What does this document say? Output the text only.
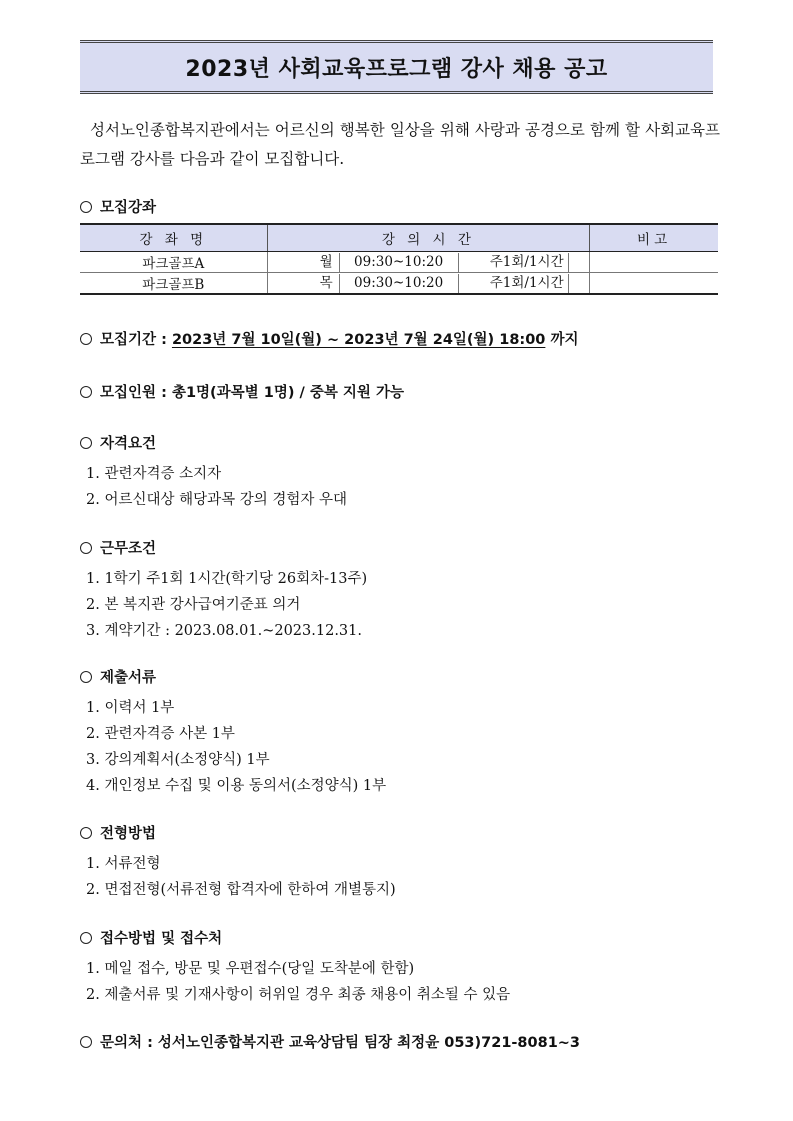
2023년 사회교육프로그램 강사 채용 공고
성서노인종합복지관에서는 어르신의 행복한 일상을 위해 사랑과 공경으로 함께 할 사회교육프로그램 강사를 다음과 같이 모집합니다.
모집강좌
강 좌 명	강 의 시 간	비고
파크골프A	월 09:30~10:20 주1회/1시간	

파크골프B	목 09:30~10:20 주1회/1시간	

모집기간 : 2023년 7월 10일(월) ~ 2023년 7월 24일(월) 18:00 까지
모집인원 : 총1명(과목별 1명) / 중복 지원 가능
자격요건
1. 관련자격증 소지자
2. 어르신대상 해당과목 강의 경험자 우대
근무조건
1. 1학기 주1회 1시간(학기당 26회차-13주)
2. 본 복지관 강사급여기준표 의거
3. 계약기간 : 2023.08.01.~2023.12.31.
제출서류
1. 이력서 1부
2. 관련자격증 사본 1부
3. 강의계획서(소정양식) 1부
4. 개인정보 수집 및 이용 동의서(소정양식) 1부
전형방법
1. 서류전형
2. 면접전형(서류전형 합격자에 한하여 개별통지)
접수방법 및 접수처
1. 메일 접수, 방문 및 우편접수(당일 도착분에 한함)
2. 제출서류 및 기재사항이 허위일 경우 최종 채용이 취소될 수 있음
문의처 : 성서노인종합복지관 교육상담팀 팀장 최정윤 053)721-8081~3
